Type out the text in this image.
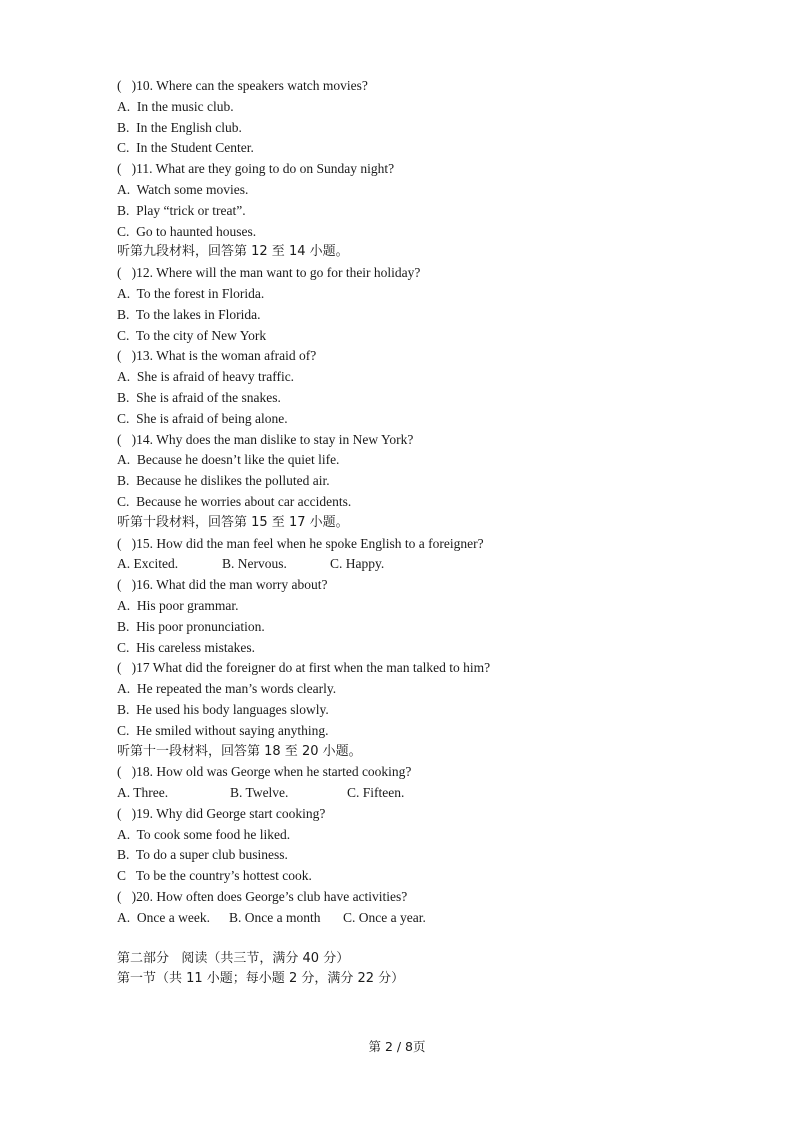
(   )10. Where can the speakers watch movies?
A.  In the music club.
B.  In the English club.
C.  In the Student Center.
(   )11. What are they going to do on Sunday night?
A.  Watch some movies.
B.  Play “trick or treat”.
C.  Go to haunted houses.
听第九段材料，回答第 12 至 14 小题。
(   )12. Where will the man want to go for their holiday?
A.  To the forest in Florida.
B.  To the lakes in Florida.
C.  To the city of New York
(   )13. What is the woman afraid of?
A.  She is afraid of heavy traffic.
B.  She is afraid of the snakes.
C.  She is afraid of being alone.
(   )14. Why does the man dislike to stay in New York?
A.  Because he doesn’t like the quiet life.
B.  Because he dislikes the polluted air.
C.  Because he worries about car accidents.
听第十段材料，回答第 15 至 17 小题。
(   )15. How did the man feel when he spoke English to a foreigner?
A. Excited.	B. Nervous.	C. Happy.
(   )16. What did the man worry about?
A.  His poor grammar.
B.  His poor pronunciation.
C.  His careless mistakes.
(   )17 What did the foreigner do at first when the man talked to him?
A.  He repeated the man’s words clearly.
B.  He used his body languages slowly.
C.  He smiled without saying anything.
听第十一段材料，回答第 18 至 20 小题。
(   )18. How old was George when he started cooking?
A. Three.	B. Twelve.	C. Fifteen.
(   )19. Why did George start cooking?
A.  To cook some food he liked.
B.  To do a super club business.
C   To be the country’s hottest cook.
(   )20. How often does George’s club have activities?
A.  Once a week.	B. Once a month	C. Once a year.
第二部分   阅读（共三节，满分 40 分）
第一节（共 11 小题；每小题 2 分，满分 22 分）
第 2 / 8页
